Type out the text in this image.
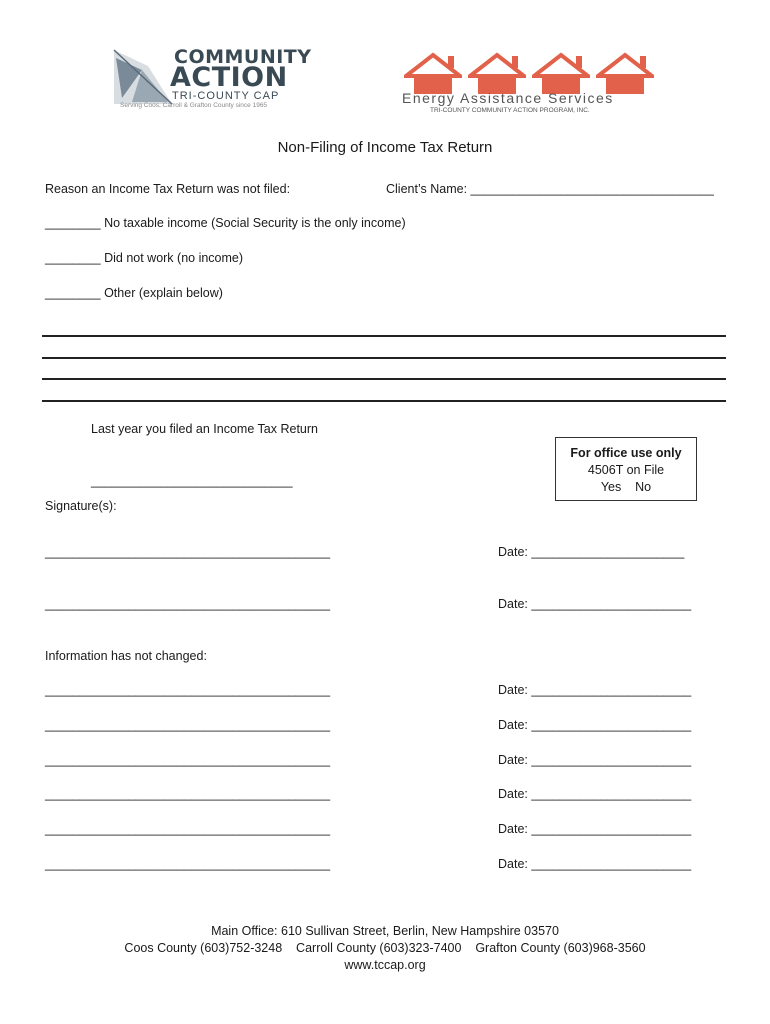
COMMUNITY
ACTION
TRI-COUNTY CAP
Serving Coos, Carroll & Grafton County since 1965	Energy Assistance Services
TRI-COUNTY COMMUNITY ACTION PROGRAM, INC.
Non-Filing of Income Tax Return
Reason an Income Tax Return was not filed:	Client’s Name: ___________________________________
________ No taxable income (Social Security is the only income)
________ Did not work (no income)
________ Other (explain below)
Last year you filed an Income Tax Return
_____________________________
For office use only
4506T on File
Yes    No
Signature(s):
_________________________________________	Date: ______________________
_________________________________________	Date: _______________________
Information has not changed:
_________________________________________	Date: _______________________
_________________________________________	Date: _______________________
_________________________________________	Date: _______________________
_________________________________________	Date: _______________________
_________________________________________	Date: _______________________
_________________________________________	Date: _______________________
Main Office: 610 Sullivan Street, Berlin, New Hampshire 03570
Coos County (603)752-3248    Carroll County (603)323-7400    Grafton County (603)968-3560
www.tccap.org
